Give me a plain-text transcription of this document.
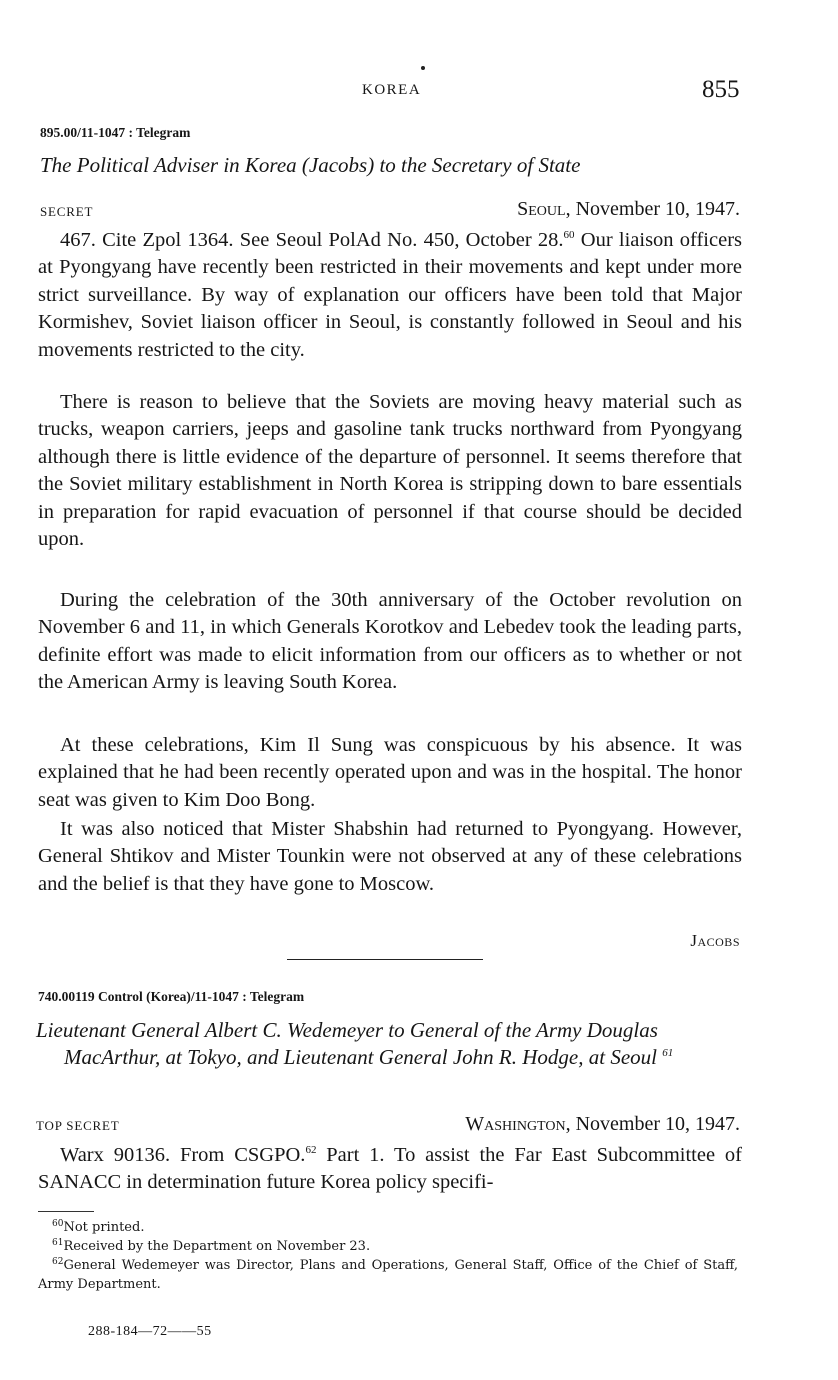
KOREA	855
895.00/11-1047 : Telegram
The Political Adviser in Korea (Jacobs) to the Secretary of State
SECRET	Seoul, November 10, 1947.

467. Cite Zpol 1364. See Seoul PolAd No. 450, October 28.60 Our liaison officers at Pyongyang have recently been restricted in their movements and kept under more strict surveillance. By way of explanation our officers have been told that Major Kormishev, Soviet liaison officer in Seoul, is constantly followed in Seoul and his movements restricted to the city.

There is reason to believe that the Soviets are moving heavy material such as trucks, weapon carriers, jeeps and gasoline tank trucks northward from Pyongyang although there is little evidence of the departure of personnel. It seems therefore that the Soviet military establishment in North Korea is stripping down to bare essentials in preparation for rapid evacuation of personnel if that course should be decided upon.

During the celebration of the 30th anniversary of the October revolution on November 6 and 11, in which Generals Korotkov and Lebedev took the leading parts, definite effort was made to elicit information from our officers as to whether or not the American Army is leaving South Korea.

At these celebrations, Kim Il Sung was conspicuous by his absence. It was explained that he had been recently operated upon and was in the hospital. The honor seat was given to Kim Doo Bong.

It was also noticed that Mister Shabshin had returned to Pyongyang. However, General Shtikov and Mister Tounkin were not observed at any of these celebrations and the belief is that they have gone to Moscow.

Jacobs
740.00119 Control (Korea)/11-1047 : Telegram
Lieutenant General Albert C. Wedemeyer to General of the Army Douglas MacArthur, at Tokyo, and Lieutenant General John R. Hodge, at Seoul $^{61}$
TOP SECRET	Washington, November 10, 1947.

Warx 90136. From CSGPO.$^{62}$ Part 1. To assist the Far East Subcommittee of SANACC in determination future Korea policy specifi-

$^{60}$Not printed.

$^{61}$Received by the Department on November 23.

$^{62}$General Wedemeyer was Director, Plans and Operations, General Staff, Office of the Chief of Staff, Army Department.

288-184—72——55
